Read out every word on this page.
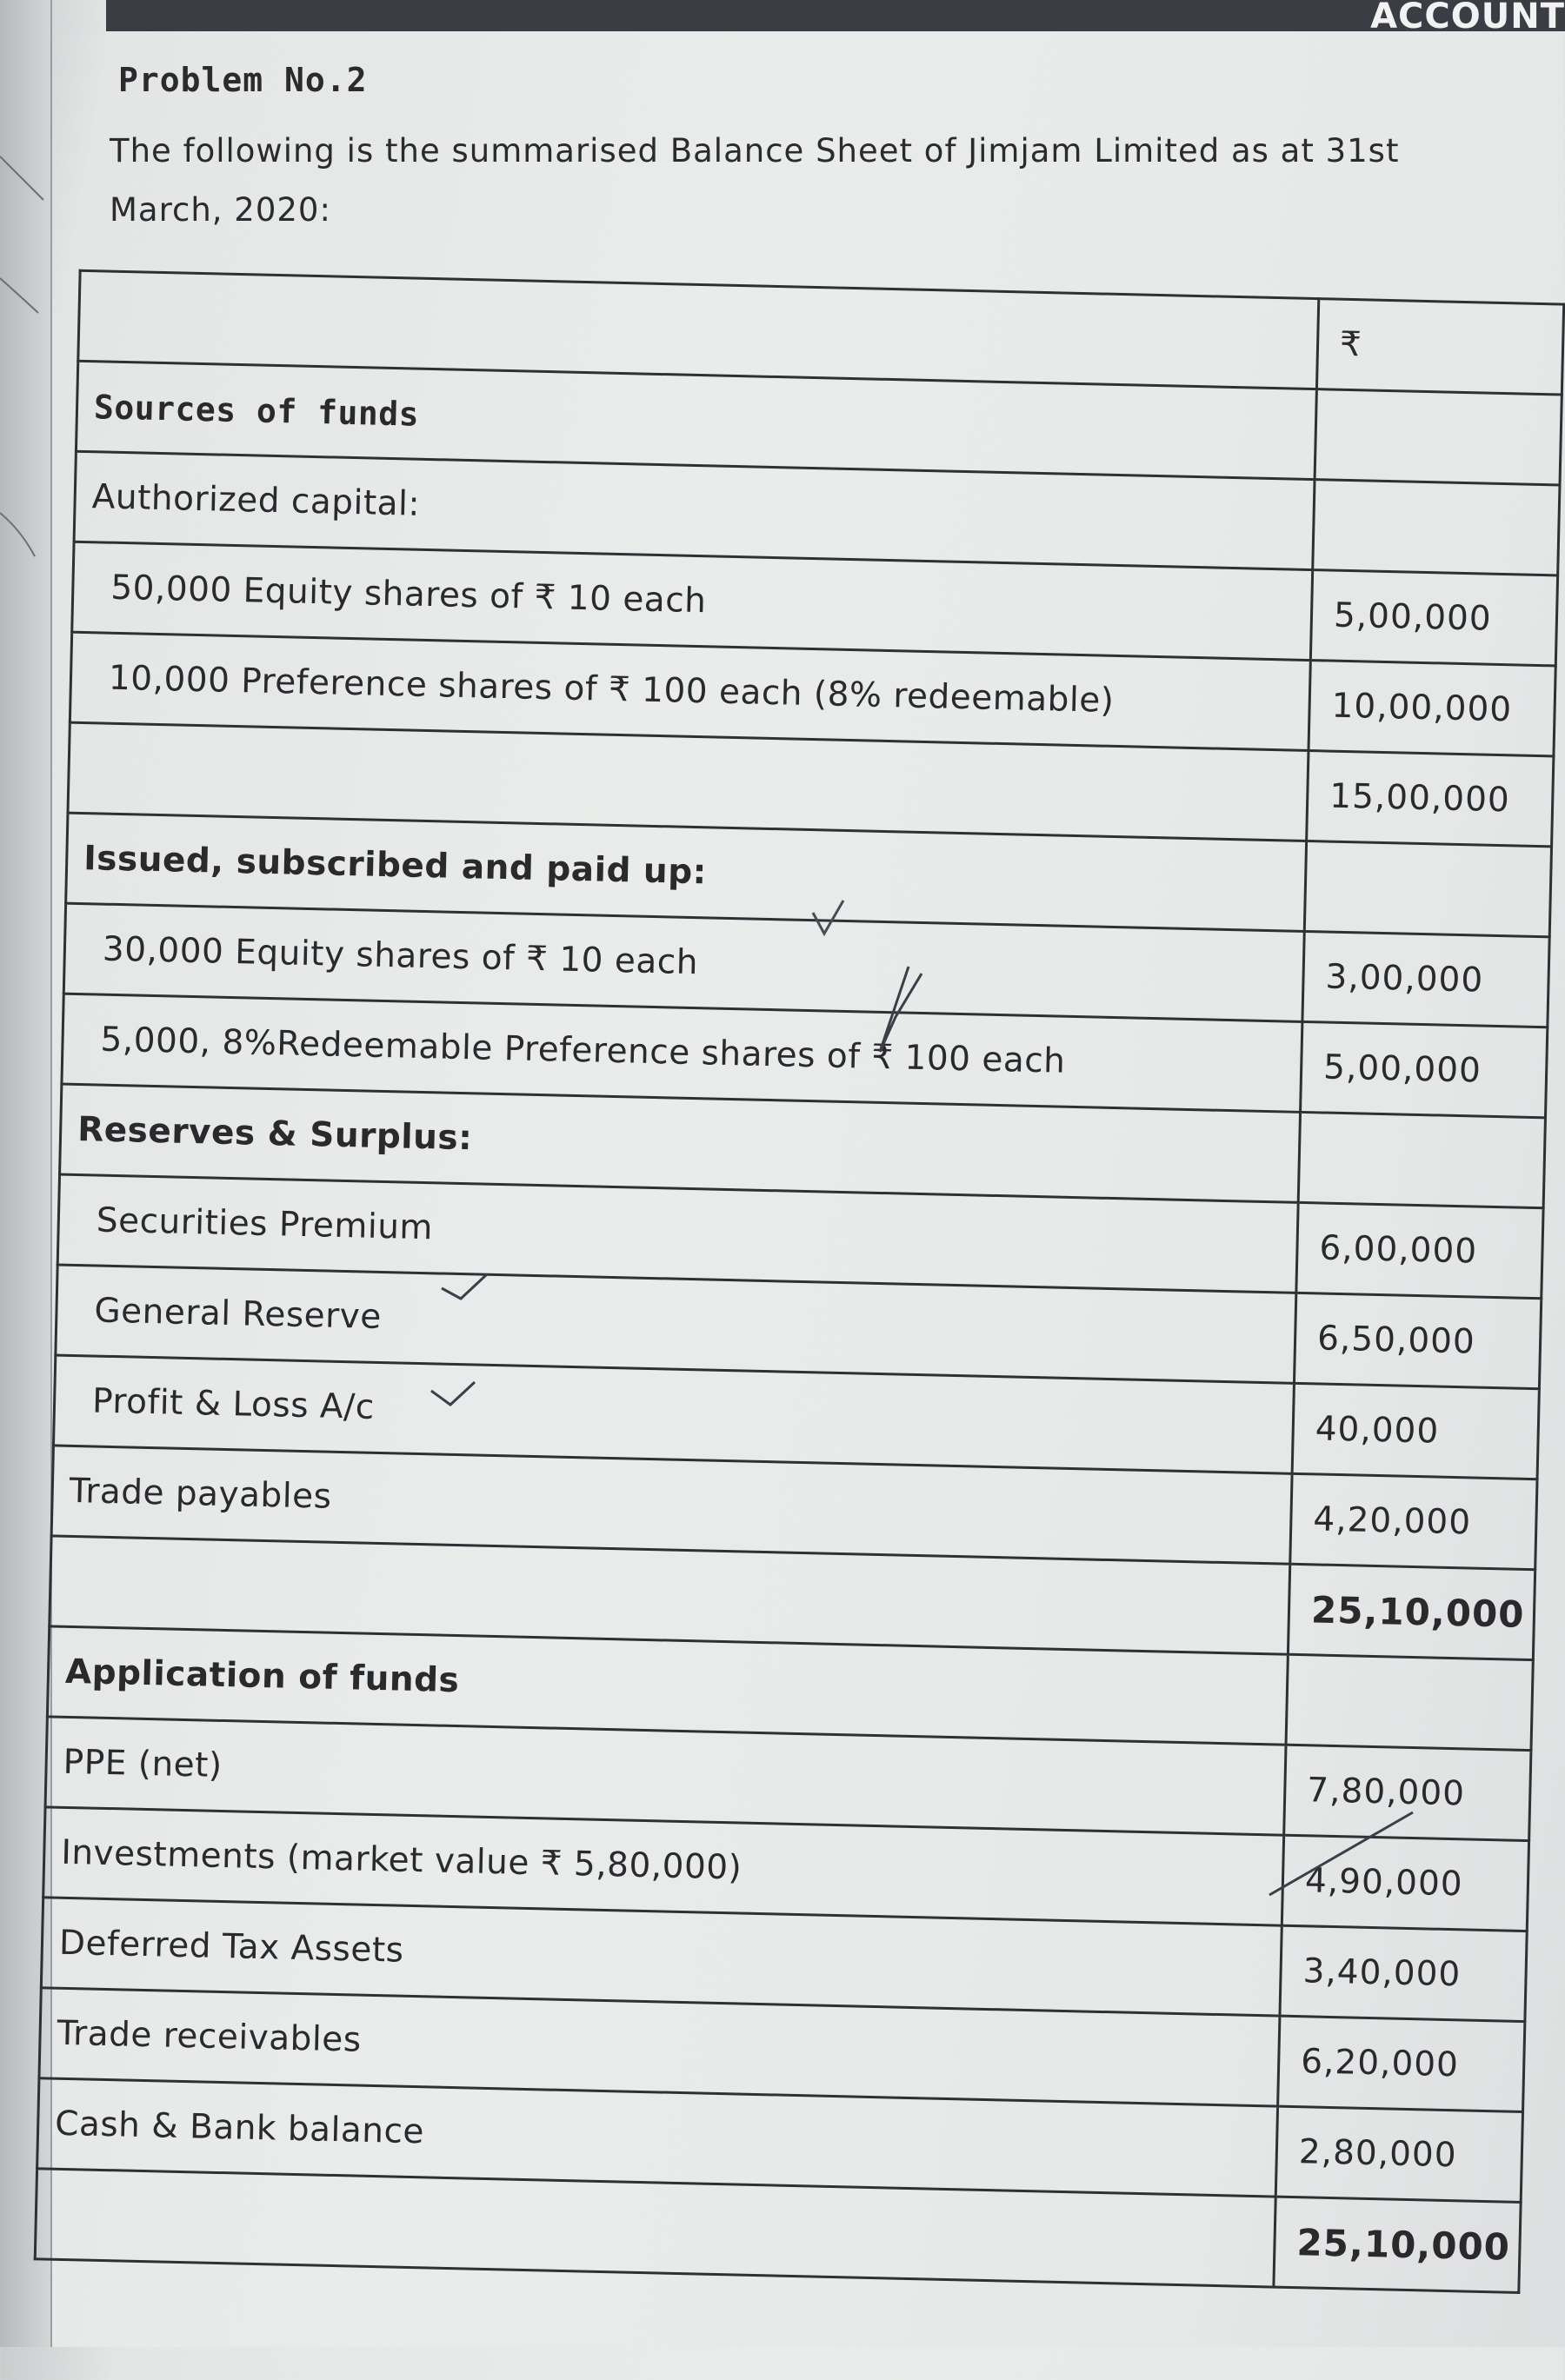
ACCOUNT
Problem No.2
The following is the summarised Balance Sheet of Jimjam Limited as at 31st March, 2020:
	₹
Sources of funds	
Authorized capital:	
50,000 Equity shares of ₹ 10 each	5,00,000
10,000 Preference shares of ₹ 100 each (8% redeemable)	10,00,000
	15,00,000
Issued, subscribed and paid up:	
30,000 Equity shares of ₹ 10 each	3,00,000
5,000, 8%Redeemable Preference shares of ₹ 100 each	5,00,000
Reserves & Surplus:	
Securities Premium	6,00,000
General Reserve	6,50,000
Profit & Loss A/c	40,000
Trade payables	4,20,000
	25,10,000
Application of funds	
PPE (net)	7,80,000
Investments (market value ₹ 5,80,000)	4,90,000
Deferred Tax Assets	3,40,000
Trade receivables	6,20,000
Cash & Bank balance	2,80,000
	25,10,000
